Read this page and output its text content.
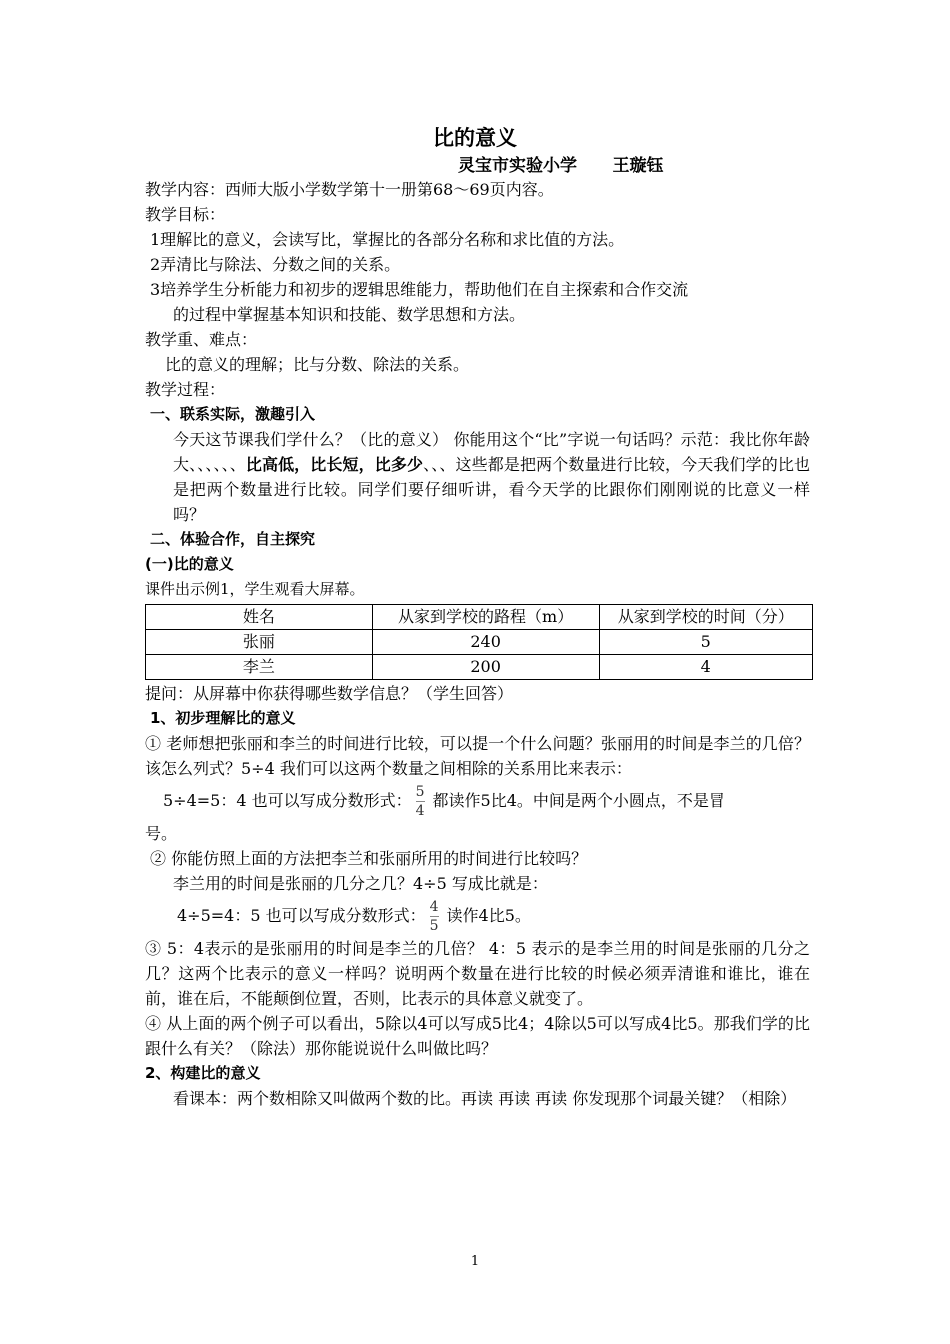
比的意义
灵宝市实验小学      王璇钰

教学内容：西师大版小学数学第十一册第68～69页内容。

教学目标：

1理解比的意义，会读写比，掌握比的各部分名称和求比值的方法。

2弄清比与除法、分数之间的关系。

3培养学生分析能力和初步的逻辑思维能力，帮助他们在自主探索和合作交流

的过程中掌握基本知识和技能、数学思想和方法。

教学重、难点：

比的意义的理解；比与分数、除法的关系。

教学过程：

一、联系实际，激趣引入

今天这节课我们学什么？（比的意义） 你能用这个“比”字说一句话吗？示范：我比你年龄大、、、、、、比高低，比长短，比多少、、、这些都是把两个数量进行比较，今天我们学的比也是把两个数量进行比较。同学们要仔细听讲，看今天学的比跟你们刚刚说的比意义一样吗？

二、体验合作，自主探究

(一)比的意义

课件出示例1，学生观看大屏幕。

姓名	从家到学校的路程（m）	从家到学校的时间（分）
张丽	240	5
李兰	200	4

提问：从屏幕中你获得哪些数学信息？（学生回答）

1、初步理解比的意义

① 老师想把张丽和李兰的时间进行比较，可以提一个什么问题？张丽用的时间是李兰的几倍？该怎么列式？5÷4 我们可以这两个数量之间相除的关系用比来表示：

5÷4=5：4 也可以写成分数形式： $\frac{5}{4}$ 都读作5比4。中间是两个小圆点，不是冒

号。

② 你能仿照上面的方法把李兰和张丽所用的时间进行比较吗？

李兰用的时间是张丽的几分之几？4÷5 写成比就是：

4÷5=4：5 也可以写成分数形式： $\frac{4}{5}$ 读作4比5。

③ 5：4表示的是张丽用的时间是李兰的几倍？ 4：5 表示的是李兰用的时间是张丽的几分之几？这两个比表示的意义一样吗？说明两个数量在进行比较的时候必须弄清谁和谁比，谁在前，谁在后，不能颠倒位置，否则，比表示的具体意义就变了。

④ 从上面的两个例子可以看出，5除以4可以写成5比4；4除以5可以写成4比5。那我们学的比跟什么有关？（除法）那你能说说什么叫做比吗？

2、构建比的意义

看课本：两个数相除又叫做两个数的比。再读 再读 再读 你发现那个词最关键？（相除）

1
